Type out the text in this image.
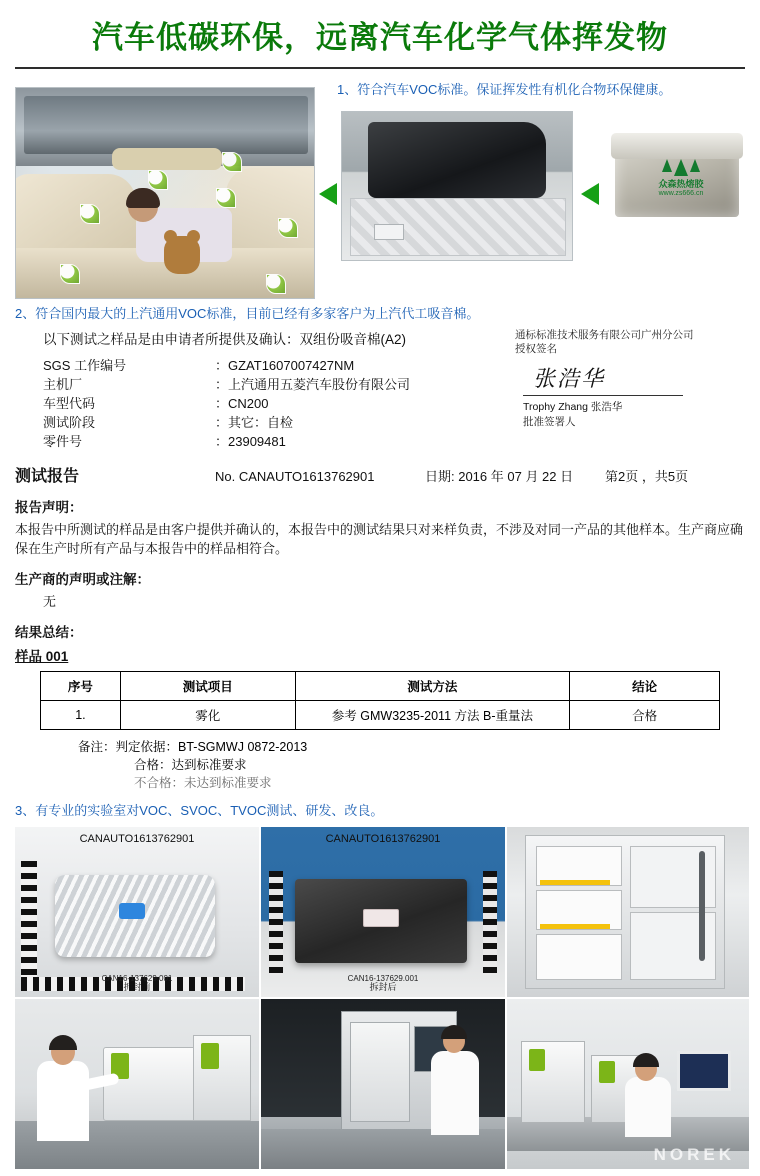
汽车低碳环保，远离汽车化学气体挥发物
1、符合汽车VOC标准。保证挥发性有机化合物环保健康。
众森热熔胶
www.zs666.cn
2、符合国内最大的上汽通用VOC标准，目前已经有多家客户为上汽代工吸音棉。
以下测试之样品是由申请者所提供及确认：双组份吸音棉(A2)
SGS 工作编号	：GZAT1607007427NM
主机厂	：上汽通用五菱汽车股份有限公司
车型代码	：CN200
测试阶段	：其它：自检
零件号	：23909481
通标标准技术服务有限公司广州分公司
授权签名
张浩华
Trophy Zhang 张浩华
批准签署人
测试报告	No. CANAUTO1613762901	日期: 2016 年 07 月 22 日	第2页 ，共5页
报告声明：

本报告中所测试的样品是由客户提供并确认的，本报告中的测试结果只对来样负责，不涉及对同一产品的其他样本。生产商应确保在生产时所有产品与本报告中的样品相符合。

生产商的声明或注解：

无

结果总结：
样品 001
序号	测试项目	测试方法	结论
1.	雾化	参考 GMW3235-2011 方法 B-重量法	合格
备注：判定依据：BT-SGMWJ 0872-2013
合格：达到标准要求
不合格：未达到标准要求
3、有专业的实验室对VOC、SVOC、TVOC测试、研发、改良。
CANAUTO1613762901
CAN16-137629.001
拆封前
CANAUTO1613762901
CAN16-137629.001
拆封后
NOREK
